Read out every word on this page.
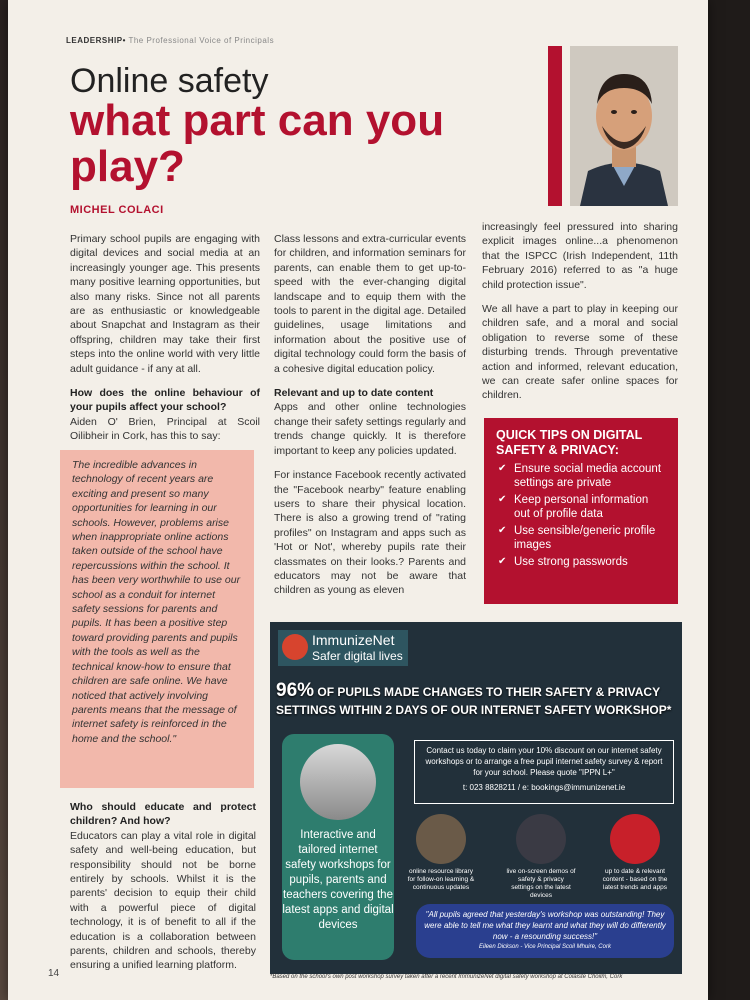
LEADERSHIP• The Professional Voice of Principals
Online safety
what part can you play?
MICHEL COLACI

Primary school pupils are engaging with digital devices and social media at an increasingly younger age. This presents many positive learning opportunities, but also many risks. Since not all parents are as enthusiastic or knowledgeable about Snapchat and Instagram as their offspring, children may take their first steps into the online world with very little adult guidance - if any at all.

How does the online behaviour of your pupils affect your school?

Aiden O' Brien, Principal at Scoil Oilibheir in Cork, has this to say:

The incredible advances in technology of recent years are exciting and present so many opportunities for learning in our schools. However, problems arise when inappropriate online actions taken outside of the school have repercussions within the school. It has been very worthwhile to use our school as a conduit for internet safety sessions for parents and pupils. It has been a positive step toward providing parents and pupils with the tools as well as the technical know-how to ensure that children are safe online. We have noticed that actively involving parents means that the message of internet safety is reinforced in the home and the school."
Who should educate and protect children? And how?

Educators can play a vital role in digital safety and well-being education, but responsibility should not be borne entirely by schools. Whilst it is the parents' decision to equip their child with a powerful piece of digital technology, it is of benefit to all if the education is a collaboration between parents, children and schools, thereby ensuring a unified learning platform.

Class lessons and extra-curricular events for children, and information seminars for parents, can enable them to get up-to-speed with the ever-changing digital landscape and to equip them with the tools to parent in the digital age. Detailed guidelines, usage limitations and information about the positive use of digital technology could form the basis of a cohesive digital education policy.

Relevant and up to date content

Apps and other online technologies change their safety settings regularly and trends change quickly. It is therefore important to keep any policies updated.

For instance Facebook recently activated the "Facebook nearby" feature enabling users to share their physical location. There is also a growing trend of "rating profiles" on Instagram and apps such as 'Hot or Not', whereby pupils rate their classmates on their looks.? Parents and educators may not be aware that children as young as eleven

increasingly feel pressured into sharing explicit images online...a phenomenon that the ISPCC (Irish Independent, 11th February 2016) referred to as "a huge child protection issue".

We all have a part to play in keeping our children safe, and a moral and social obligation to reverse some of these disturbing trends. Through preventative action and informed, relevant education, we can create safer online spaces for children.

QUICK TIPS ON DIGITAL SAFETY & PRIVACY:
✔ Ensure social media account settings are private
✔ Keep personal information out of profile data
✔ Use sensible/generic profile images
✔ Use strong passwords
ImmunizeNet
Safer digital lives
96% OF PUPILS MADE CHANGES TO THEIR SAFETY & PRIVACY SETTINGS WITHIN 2 DAYS OF OUR INTERNET SAFETY WORKSHOP*
Interactive and tailored internet safety workshops for pupils, parents and teachers covering the latest apps and digital devices
Contact us today to claim your 10% discount on our internet safety workshops or to arrange a free pupil internet safety survey & report for your school. Please quote "IPPN L+"
t: 023 8828211 / e: bookings@immunizenet.ie
online resource library for follow-on learning & continuous updates
live on-screen demos of safety & privacy settings on the latest devices
up to date & relevant content - based on the latest trends and apps
"All pupils agreed that yesterday's workshop was outstanding! They were able to tell me what they learnt and what they will do differently now - a resounding success!"
Eileen Dickson - Vice Principal Scoil Mhuire, Cork
*Based on the school's own post workshop survey taken after a recent ImmunizeNet digital safety workshop at Coláiste Choilm, Cork
14
